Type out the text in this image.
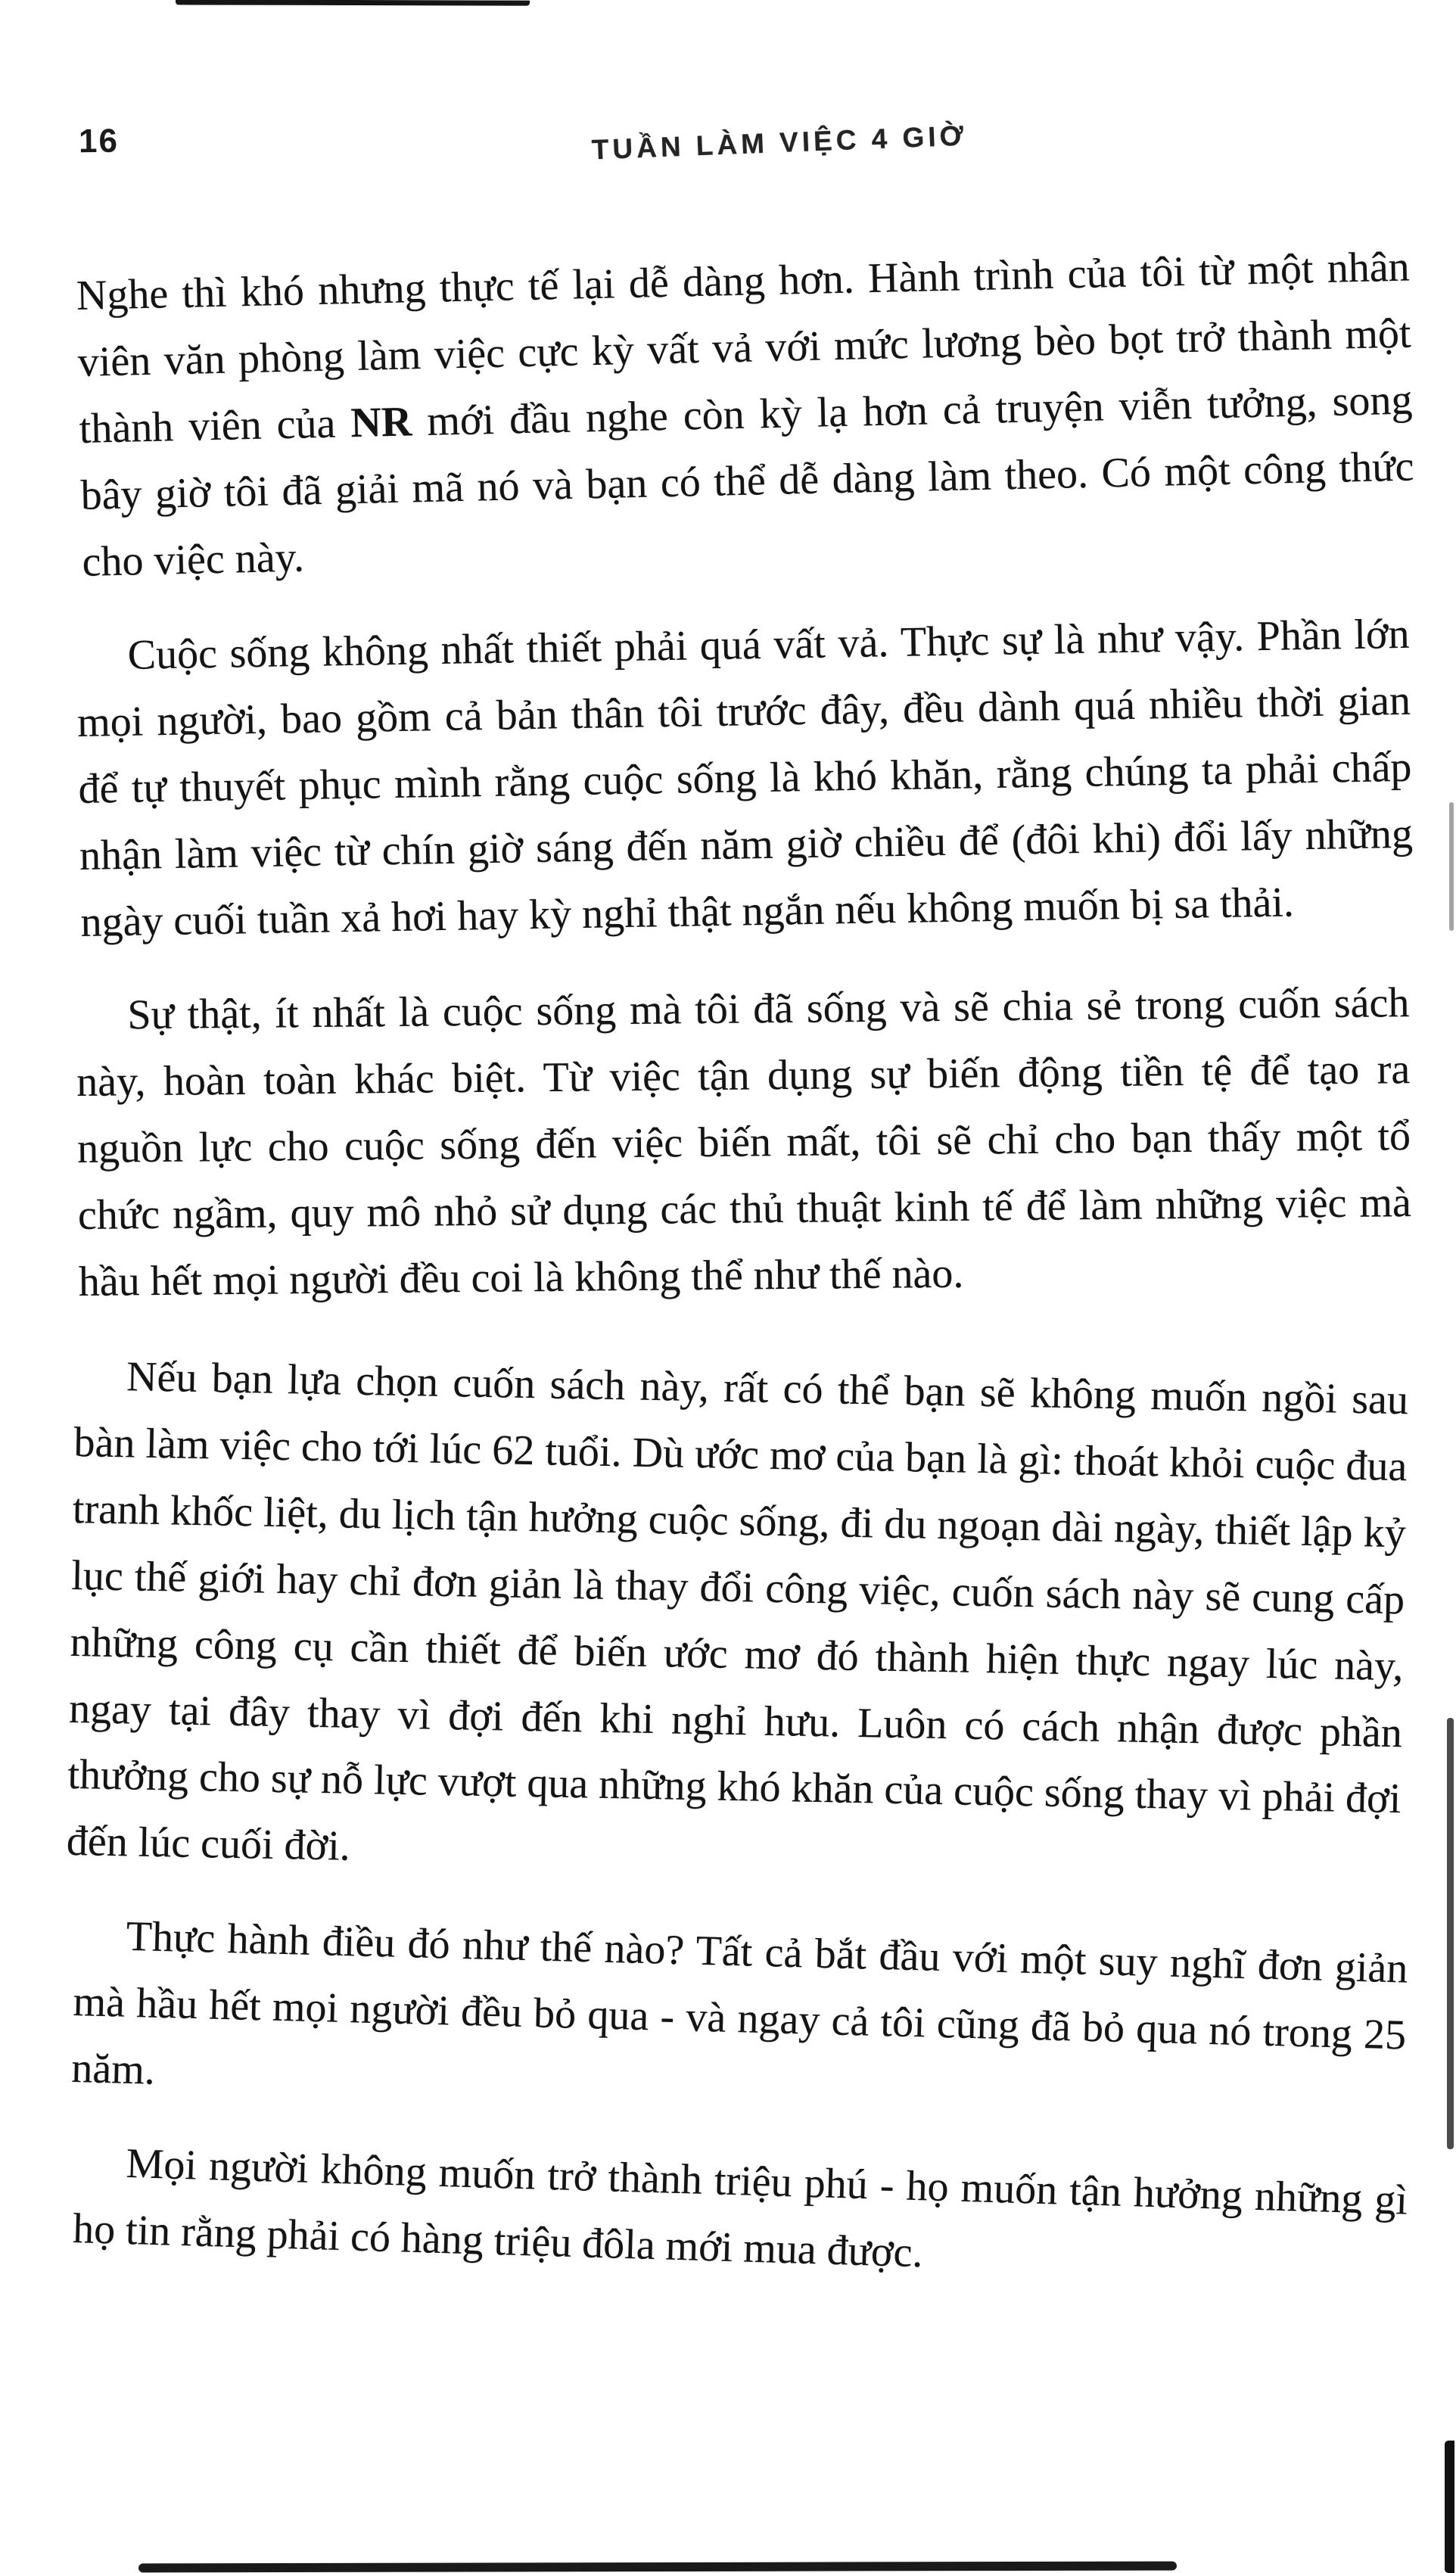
16	TUẦN LÀM VIỆC 4 GIỜ

Nghe thì khó nhưng thực tế lại dễ dàng hơn. Hành trình của tôi từ một nhân viên văn phòng làm việc cực kỳ vất vả với mức lương bèo bọt trở thành một thành viên của NR mới đầu nghe còn kỳ lạ hơn cả truyện viễn tưởng, song bây giờ tôi đã giải mã nó và bạn có thể dễ dàng làm theo. Có một công thức cho việc này.

Cuộc sống không nhất thiết phải quá vất vả. Thực sự là như vậy. Phần lớn mọi người, bao gồm cả bản thân tôi trước đây, đều dành quá nhiều thời gian để tự thuyết phục mình rằng cuộc sống là khó khăn, rằng chúng ta phải chấp nhận làm việc từ chín giờ sáng đến năm giờ chiều để (đôi khi) đổi lấy những ngày cuối tuần xả hơi hay kỳ nghỉ thật ngắn nếu không muốn bị sa thải.

Sự thật, ít nhất là cuộc sống mà tôi đã sống và sẽ chia sẻ trong cuốn sách này, hoàn toàn khác biệt. Từ việc tận dụng sự biến động tiền tệ để tạo ra nguồn lực cho cuộc sống đến việc biến mất, tôi sẽ chỉ cho bạn thấy một tổ chức ngầm, quy mô nhỏ sử dụng các thủ thuật kinh tế để làm những việc mà hầu hết mọi người đều coi là không thể như thế nào.

Nếu bạn lựa chọn cuốn sách này, rất có thể bạn sẽ không muốn ngồi sau bàn làm việc cho tới lúc 62 tuổi. Dù ước mơ của bạn là gì: thoát khỏi cuộc đua tranh khốc liệt, du lịch tận hưởng cuộc sống, đi du ngoạn dài ngày, thiết lập kỷ lục thế giới hay chỉ đơn giản là thay đổi công việc, cuốn sách này sẽ cung cấp những công cụ cần thiết để biến ước mơ đó thành hiện thực ngay lúc này, ngay tại đây thay vì đợi đến khi nghỉ hưu. Luôn có cách nhận được phần thưởng cho sự nỗ lực vượt qua những khó khăn của cuộc sống thay vì phải đợi đến lúc cuối đời.

Thực hành điều đó như thế nào? Tất cả bắt đầu với một suy nghĩ đơn giản mà hầu hết mọi người đều bỏ qua - và ngay cả tôi cũng đã bỏ qua nó trong 25 năm.

Mọi người không muốn trở thành triệu phú - họ muốn tận hưởng những gì họ tin rằng phải có hàng triệu đôla mới mua được.
